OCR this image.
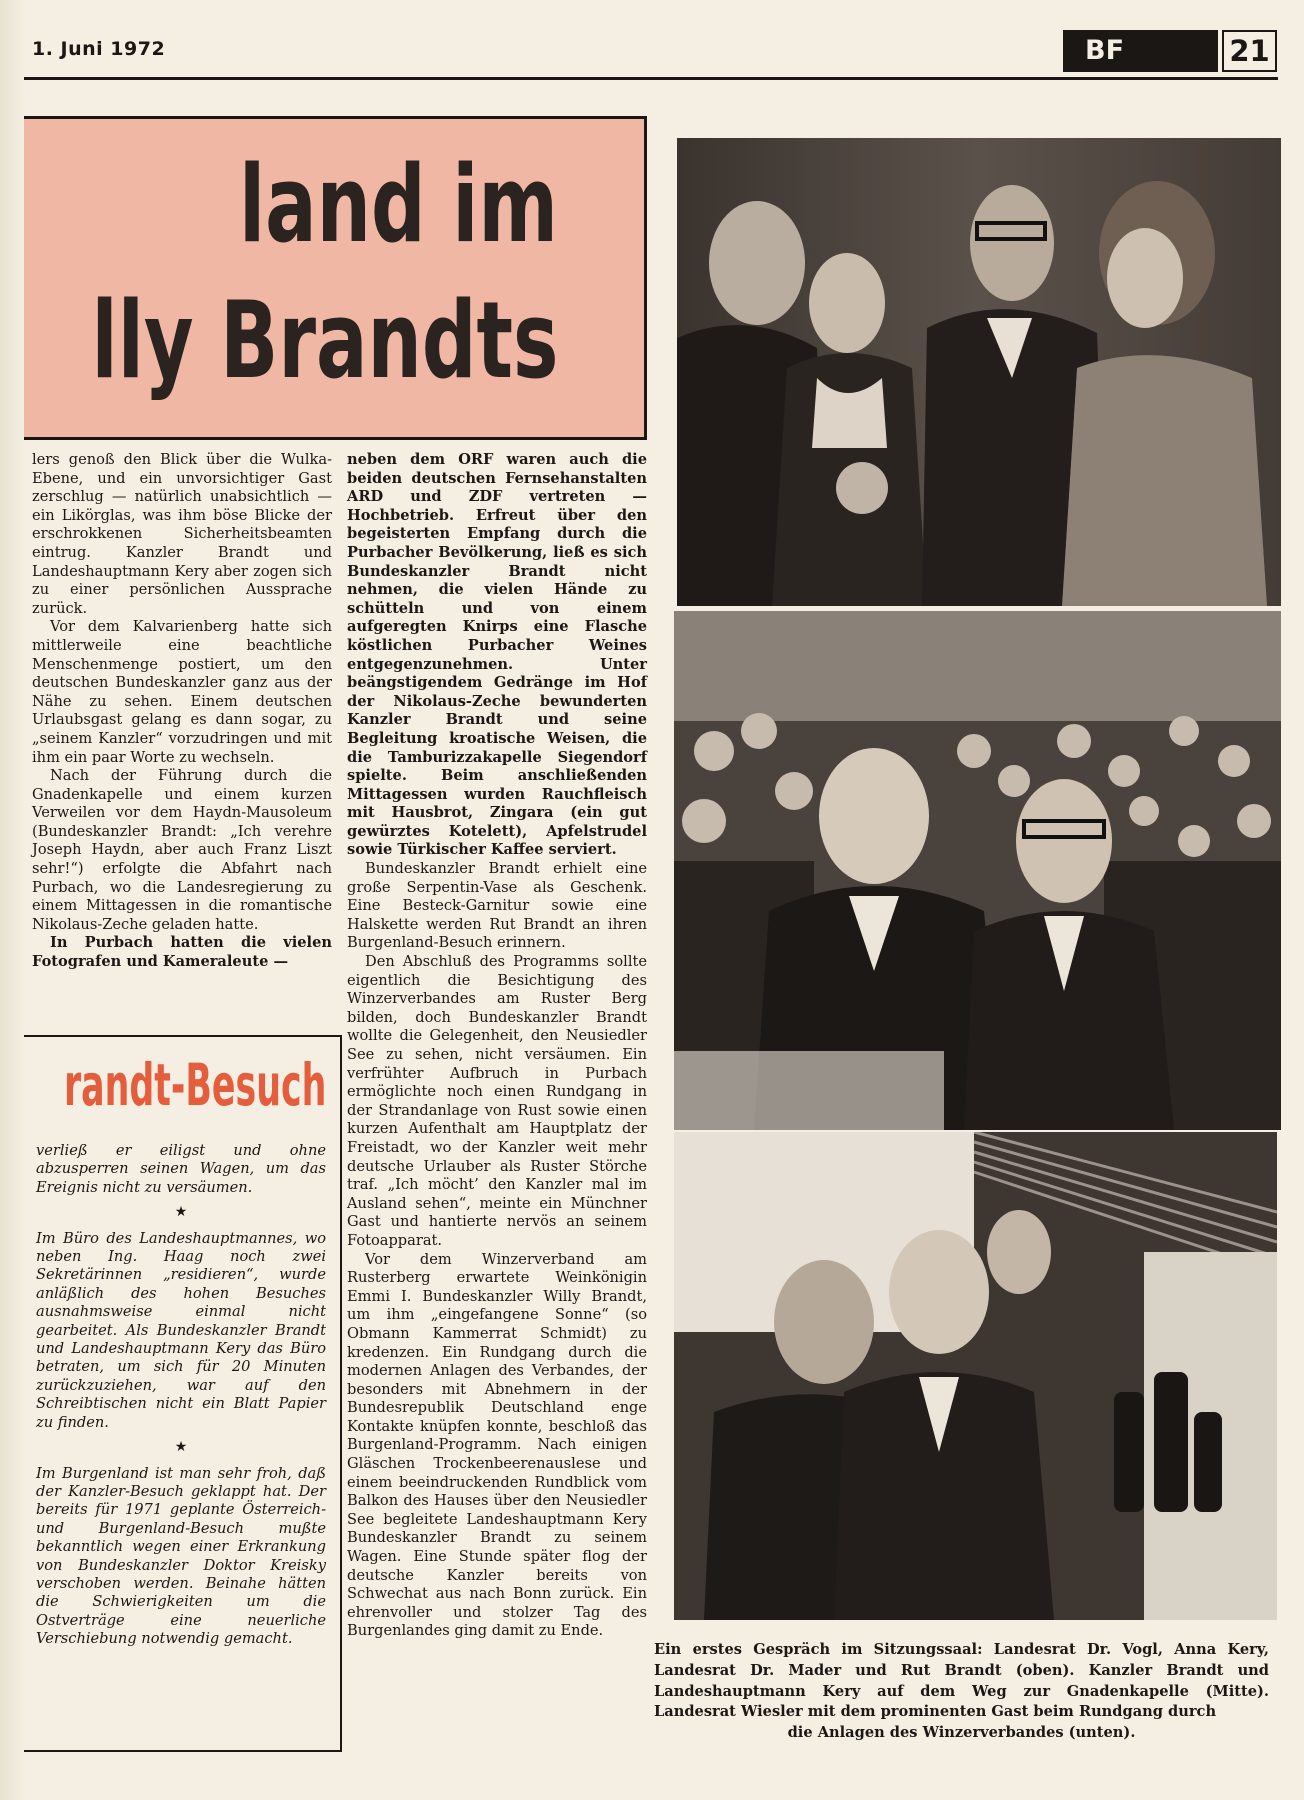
1. Juni 1972	BF	21
land im
lly Brandts

lers genoß den Blick über die Wulka-Ebene, und ein unvorsichtiger Gast zerschlug — natürlich unabsichtlich — ein Likörglas, was ihm böse Blicke der erschrokkenen Sicherheitsbeamten eintrug. Kanzler Brandt und Landeshauptmann Kery aber zogen sich zu einer persönlichen Aussprache zurück.

Vor dem Kalvarienberg hatte sich mittlerweile eine beachtliche Menschenmenge postiert, um den deutschen Bundeskanzler ganz aus der Nähe zu sehen. Einem deutschen Urlaubsgast gelang es dann sogar, zu „seinem Kanzler“ vorzudringen und mit ihm ein paar Worte zu wechseln.

Nach der Führung durch die Gnadenkapelle und einem kurzen Verweilen vor dem Haydn-Mausoleum (Bundeskanzler Brandt: „Ich verehre Joseph Haydn, aber auch Franz Liszt sehr!“) erfolgte die Abfahrt nach Purbach, wo die Landesregierung zu einem Mittagessen in die romantische Nikolaus-Zeche geladen hatte.

In Purbach hatten die vielen Fotografen und Kameraleute —

neben dem ORF waren auch die beiden deutschen Fernsehanstalten ARD und ZDF vertreten — Hochbetrieb. Erfreut über den begeisterten Empfang durch die Purbacher Bevölkerung, ließ es sich Bundeskanzler Brandt nicht nehmen, die vielen Hände zu schütteln und von einem aufgeregten Knirps eine Flasche köstlichen Purbacher Weines entgegenzunehmen. Unter beängstigendem Gedränge im Hof der Nikolaus-Zeche bewunderten Kanzler Brandt und seine Begleitung kroatische Weisen, die die Tamburizzakapelle Siegendorf spielte. Beim anschließenden Mittagessen wurden Rauchfleisch mit Hausbrot, Zingara (ein gut gewürztes Kotelett), Apfelstrudel sowie Türkischer Kaffee serviert.

Bundeskanzler Brandt erhielt eine große Serpentin-Vase als Geschenk. Eine Besteck-Garnitur sowie eine Halskette werden Rut Brandt an ihren Burgenland-Besuch erinnern.

Den Abschluß des Programms sollte eigentlich die Besichtigung des Winzerverbandes am Ruster Berg bilden, doch Bundeskanzler Brandt wollte die Gelegenheit, den Neusiedler See zu sehen, nicht versäumen. Ein verfrühter Aufbruch in Purbach ermöglichte noch einen Rundgang in der Strandanlage von Rust sowie einen kurzen Aufenthalt am Hauptplatz der Freistadt, wo der Kanzler weit mehr deutsche Urlauber als Ruster Störche traf. „Ich möcht’ den Kanzler mal im Ausland sehen“, meinte ein Münchner Gast und hantierte nervös an seinem Fotoapparat.

Vor dem Winzerverband am Rusterberg erwartete Weinkönigin Emmi I. Bundeskanzler Willy Brandt, um ihm „eingefangene Sonne“ (so Obmann Kammerrat Schmidt) zu kredenzen. Ein Rundgang durch die modernen Anlagen des Verbandes, der besonders mit Abnehmern in der Bundesrepublik Deutschland enge Kontakte knüpfen konnte, beschloß das Burgenland-Programm. Nach einigen Gläschen Trockenbeerenauslese und einem beeindruckenden Rundblick vom Balkon des Hauses über den Neusiedler See begleitete Landeshauptmann Kery Bundeskanzler Brandt zu seinem Wagen. Eine Stunde später flog der deutsche Kanzler bereits von Schwechat aus nach Bonn zurück. Ein ehrenvoller und stolzer Tag des Burgenlandes ging damit zu Ende.

randt-Besuch

verließ er eiligst und ohne abzusperren seinen Wagen, um das Ereignis nicht zu versäumen.

★

Im Büro des Landeshauptmannes, wo neben Ing. Haag noch zwei Sekretärinnen „residieren“, wurde anläßlich des hohen Besuches ausnahmsweise einmal nicht gearbeitet. Als Bundeskanzler Brandt und Landeshauptmann Kery das Büro betraten, um sich für 20 Minuten zurückzuziehen, war auf den Schreibtischen nicht ein Blatt Papier zu finden.

★

Im Burgenland ist man sehr froh, daß der Kanzler-Besuch geklappt hat. Der bereits für 1971 geplante Österreich- und Burgenland-Besuch mußte bekanntlich wegen einer Erkrankung von Bundeskanzler Doktor Kreisky verschoben werden. Beinahe hätten die Schwierigkeiten um die Ostverträge eine neuerliche Verschiebung notwendig gemacht.

Ein erstes Gespräch im Sitzungssaal: Landesrat Dr. Vogl, Anna Kery, Landesrat Dr. Mader und Rut Brandt (oben). Kanzler Brandt und Landeshauptmann Kery auf dem Weg zur Gnadenkapelle (Mitte). Landesrat Wiesler mit dem prominenten Gast beim Rundgang durch
die Anlagen des Winzerverbandes (unten).
